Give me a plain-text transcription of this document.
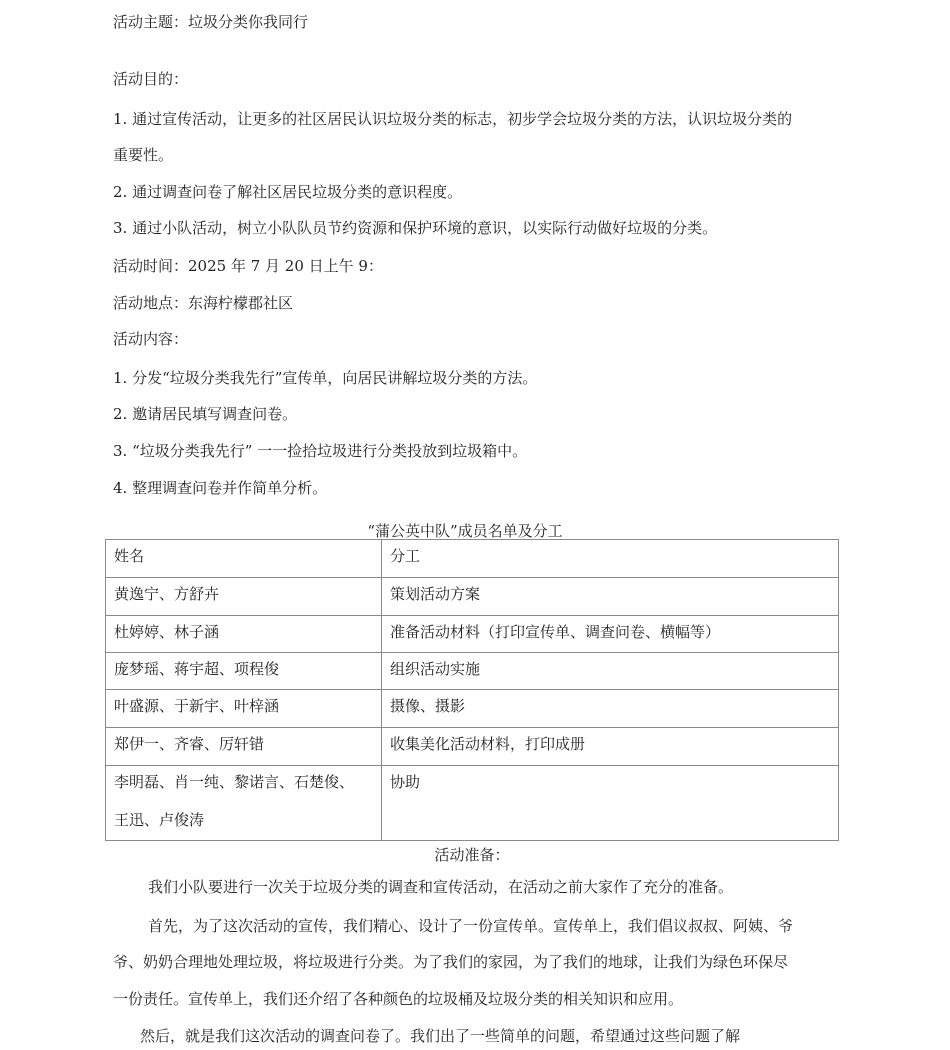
活动主题：垃圾分类你我同行
活动目的：
1. 通过宣传活动，让更多的社区居民认识垃圾分类的标志，初步学会垃圾分类的方法，认识垃圾分类的
重要性。
2. 通过调查问卷了解社区居民垃圾分类的意识程度。
3. 通过小队活动，树立小队队员节约资源和保护环境的意识，以实际行动做好垃圾的分类。
活动时间：2025 年 7 月 20 日上午 9：
活动地点：东海柠檬郡社区
活动内容：
1. 分发“垃圾分类我先行”宣传单，向居民讲解垃圾分类的方法。
2. 邀请居民填写调查问卷。
3. “垃圾分类我先行” 一一捡拾垃圾进行分类投放到垃圾箱中。
4. 整理调查问卷并作简单分析。
“蒲公英中队”成员名单及分工
姓名	分工
黄逸宁、方舒卉	策划活动方案
杜婷婷、林子涵	准备活动材料（打印宣传单、调查问卷、横幅等）
庞梦瑶、蒋宇超、项程俊	组织活动实施
叶盛源、于新宇、叶梓涵	摄像、摄影
郑伊一、齐睿、厉轩错	收集美化活动材料，打印成册

李明磊、肖一纯、黎诺言、石楚俊、王迅、卢俊涛	协助
活动准备：
我们小队要进行一次关于垃圾分类的调查和宣传活动，在活动之前大家作了充分的准备。
首先，为了这次活动的宣传，我们精心、设计了一份宣传单。宣传单上，我们倡议叔叔、阿姨、爷
爷、奶奶合理地处理垃圾，将垃圾进行分类。为了我们的家园，为了我们的地球，让我们为绿色环保尽
一份责任。宣传单上，我们还介绍了各种颜色的垃圾桶及垃圾分类的相关知识和应用。
然后，就是我们这次活动的调查问卷了。我们出了一些简单的问题，希望通过这些问题了解
